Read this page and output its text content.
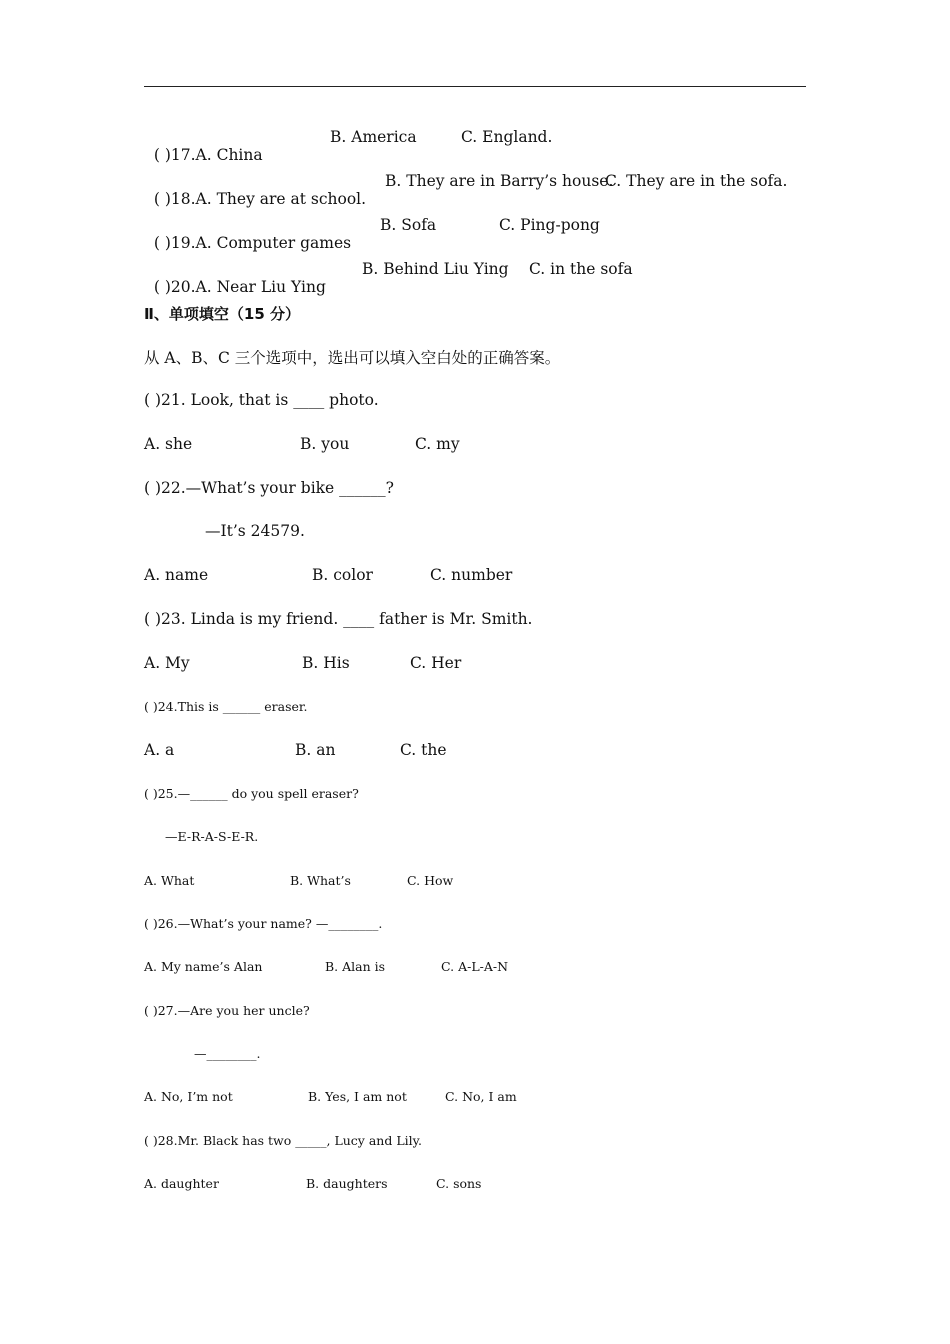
( )17.A. China

B. America	C. England.

( )18.A. They are at school.

B. They are in Barry’s house.
C. They are in the sofa.

( )19.A. Computer games

B. Sofa	C. Ping-pong

( )20.A. Near Liu Ying

B. Behind Liu Ying C. in the sofa
Ⅱ、单项填空（15 分）
从 A、B、C 三个选项中，选出可以填入空白处的正确答案。
( )21. Look, that is ____ photo.
A. she	B. you	C. my
( )22.—What’s your bike ______?
—It’s 24579.
A. name	B. color	C. number
( )23. Linda is my friend. ____ father is Mr. Smith.
A. My	B. His	C. Her
( )24.This is ______ eraser.
A. a	B. an	C. the
( )25.—______ do you spell eraser?
—E-R-A-S-E-R.
A. What	B. What’s	C. How
( )26.—What’s your name? —________.
A. My name’s Alan	B. Alan is	C. A-L-A-N
( )27.—Are you her uncle?
—________.
A. No, I’m not	B. Yes, I am not	C. No, I am
( )28.Mr. Black has two _____, Lucy and Lily.
A. daughter	B. daughters	C. sons
